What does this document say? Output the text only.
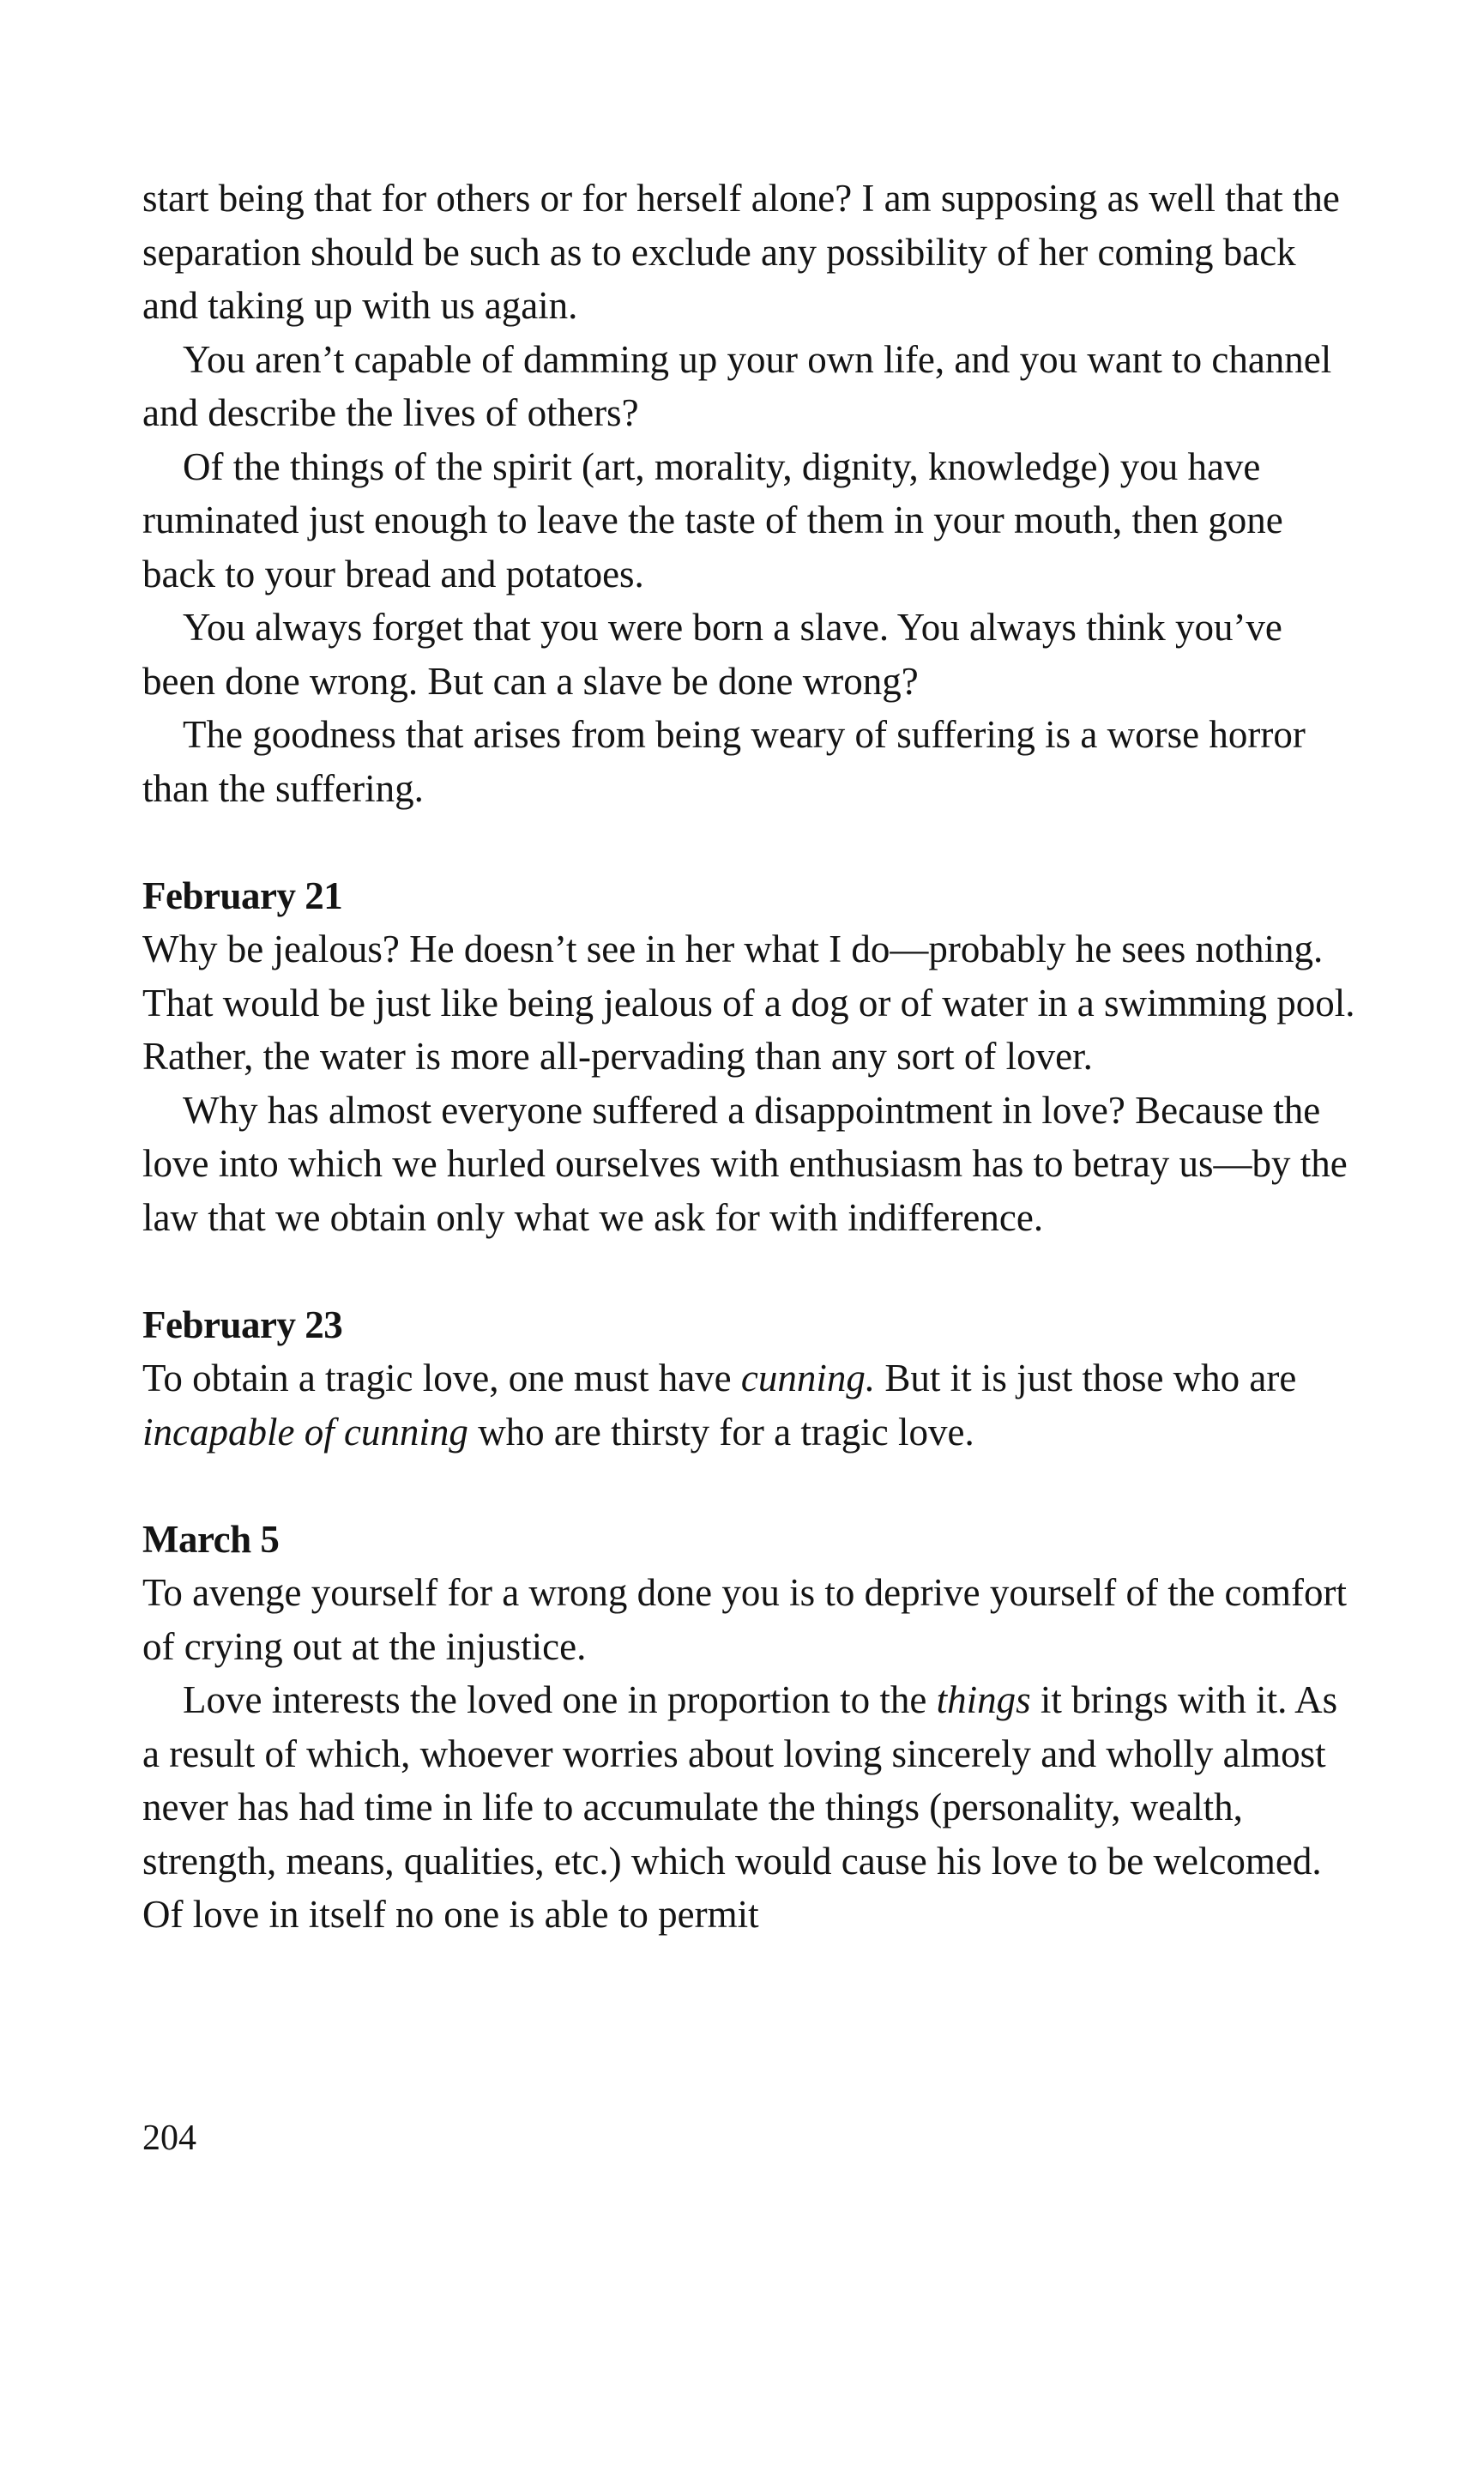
start being that for others or for herself alone? I am supposing as well that the separation should be such as to exclude any possibility of her coming back and taking up with us again.

You aren’t capable of damming up your own life, and you want to channel and describe the lives of others?

Of the things of the spirit (art, morality, dignity, knowledge) you have ruminated just enough to leave the taste of them in your mouth, then gone back to your bread and potatoes.

You always forget that you were born a slave. You always think you’ve been done wrong. But can a slave be done wrong?

The goodness that arises from being weary of suffering is a worse horror than the suffering.

February 21

Why be jealous? He doesn’t see in her what I do—probably he sees nothing. That would be just like being jealous of a dog or of water in a swimming pool. Rather, the water is more all-pervading than any sort of lover.

Why has almost everyone suffered a disappointment in love? Because the love into which we hurled ourselves with enthusiasm has to betray us—by the law that we obtain only what we ask for with indifference.

February 23

To obtain a tragic love, one must have cunning. But it is just those who are incapable of cunning who are thirsty for a tragic love.

March 5

To avenge yourself for a wrong done you is to deprive yourself of the comfort of crying out at the injustice.

Love interests the loved one in proportion to the things it brings with it. As a result of which, whoever worries about loving sincerely and wholly almost never has had time in life to accumulate the things (personality, wealth, strength, means, qualities, etc.) which would cause his love to be welcomed. Of love in itself no one is able to permit

204
